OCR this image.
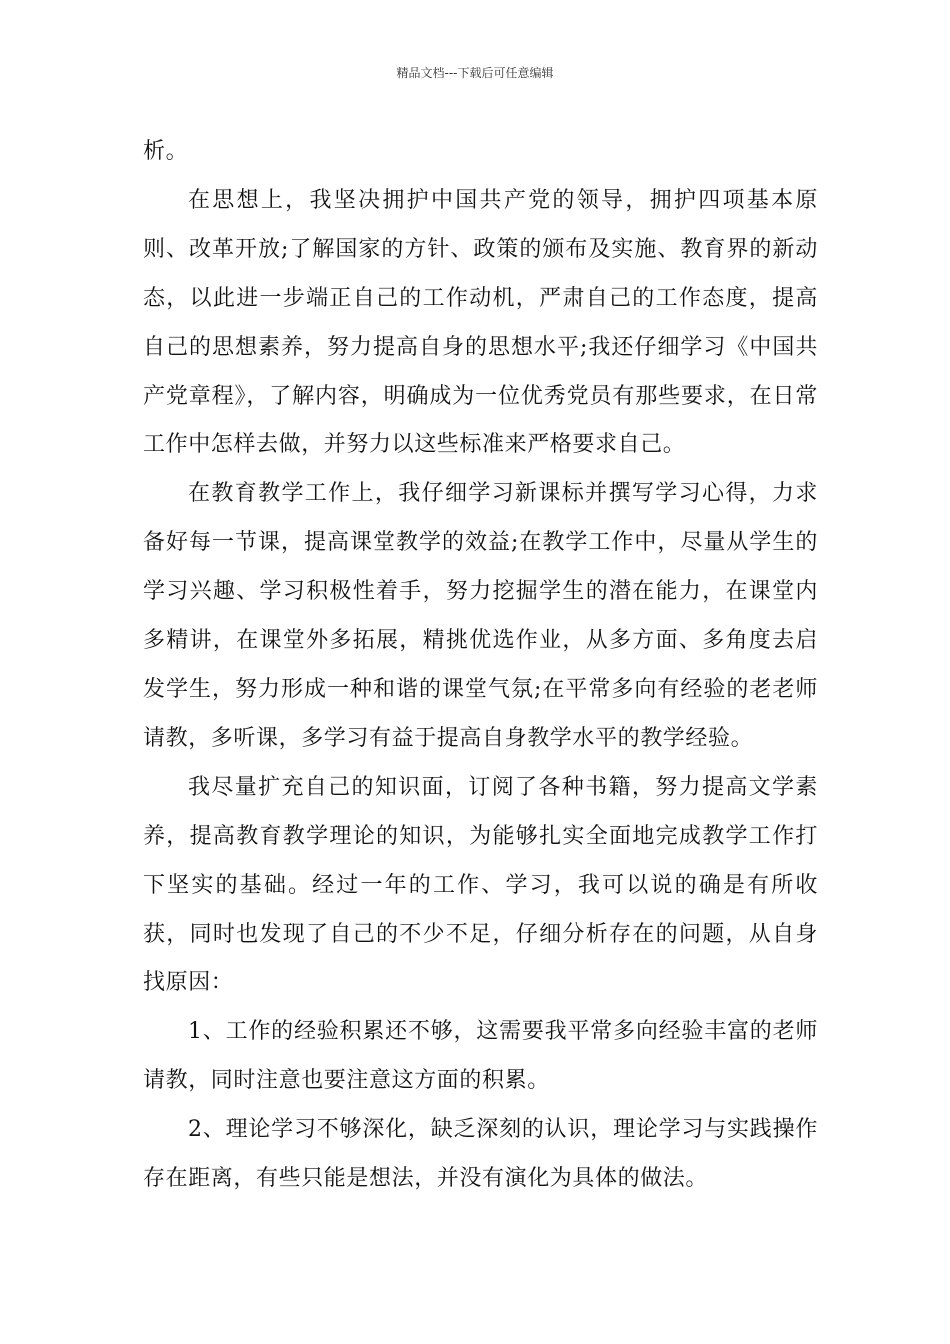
精品文档---下载后可任意编辑

析。

在思想上，我坚决拥护中国共产党的领导，拥护四项基本原则、改革开放;了解国家的方针、政策的颁布及实施、教育界的新动态，以此进一步端正自己的工作动机，严肃自己的工作态度，提高自己的思想素养，努力提高自身的思想水平;我还仔细学习《中国共产党章程》，了解内容，明确成为一位优秀党员有那些要求，在日常工作中怎样去做，并努力以这些标准来严格要求自己。

在教育教学工作上，我仔细学习新课标并撰写学习心得，力求备好每一节课，提高课堂教学的效益;在教学工作中，尽量从学生的学习兴趣、学习积极性着手，努力挖掘学生的潜在能力，在课堂内多精讲，在课堂外多拓展，精挑优选作业，从多方面、多角度去启发学生，努力形成一种和谐的课堂气氛;在平常多向有经验的老老师请教，多听课，多学习有益于提高自身教学水平的教学经验。

我尽量扩充自己的知识面，订阅了各种书籍，努力提高文学素养，提高教育教学理论的知识，为能够扎实全面地完成教学工作打下坚实的基础。经过一年的工作、学习，我可以说的确是有所收获，同时也发现了自己的不少不足，仔细分析存在的问题，从自身找原因：

1、工作的经验积累还不够，这需要我平常多向经验丰富的老师请教，同时注意也要注意这方面的积累。

2、理论学习不够深化，缺乏深刻的认识，理论学习与实践操作存在距离，有些只能是想法，并没有演化为具体的做法。
